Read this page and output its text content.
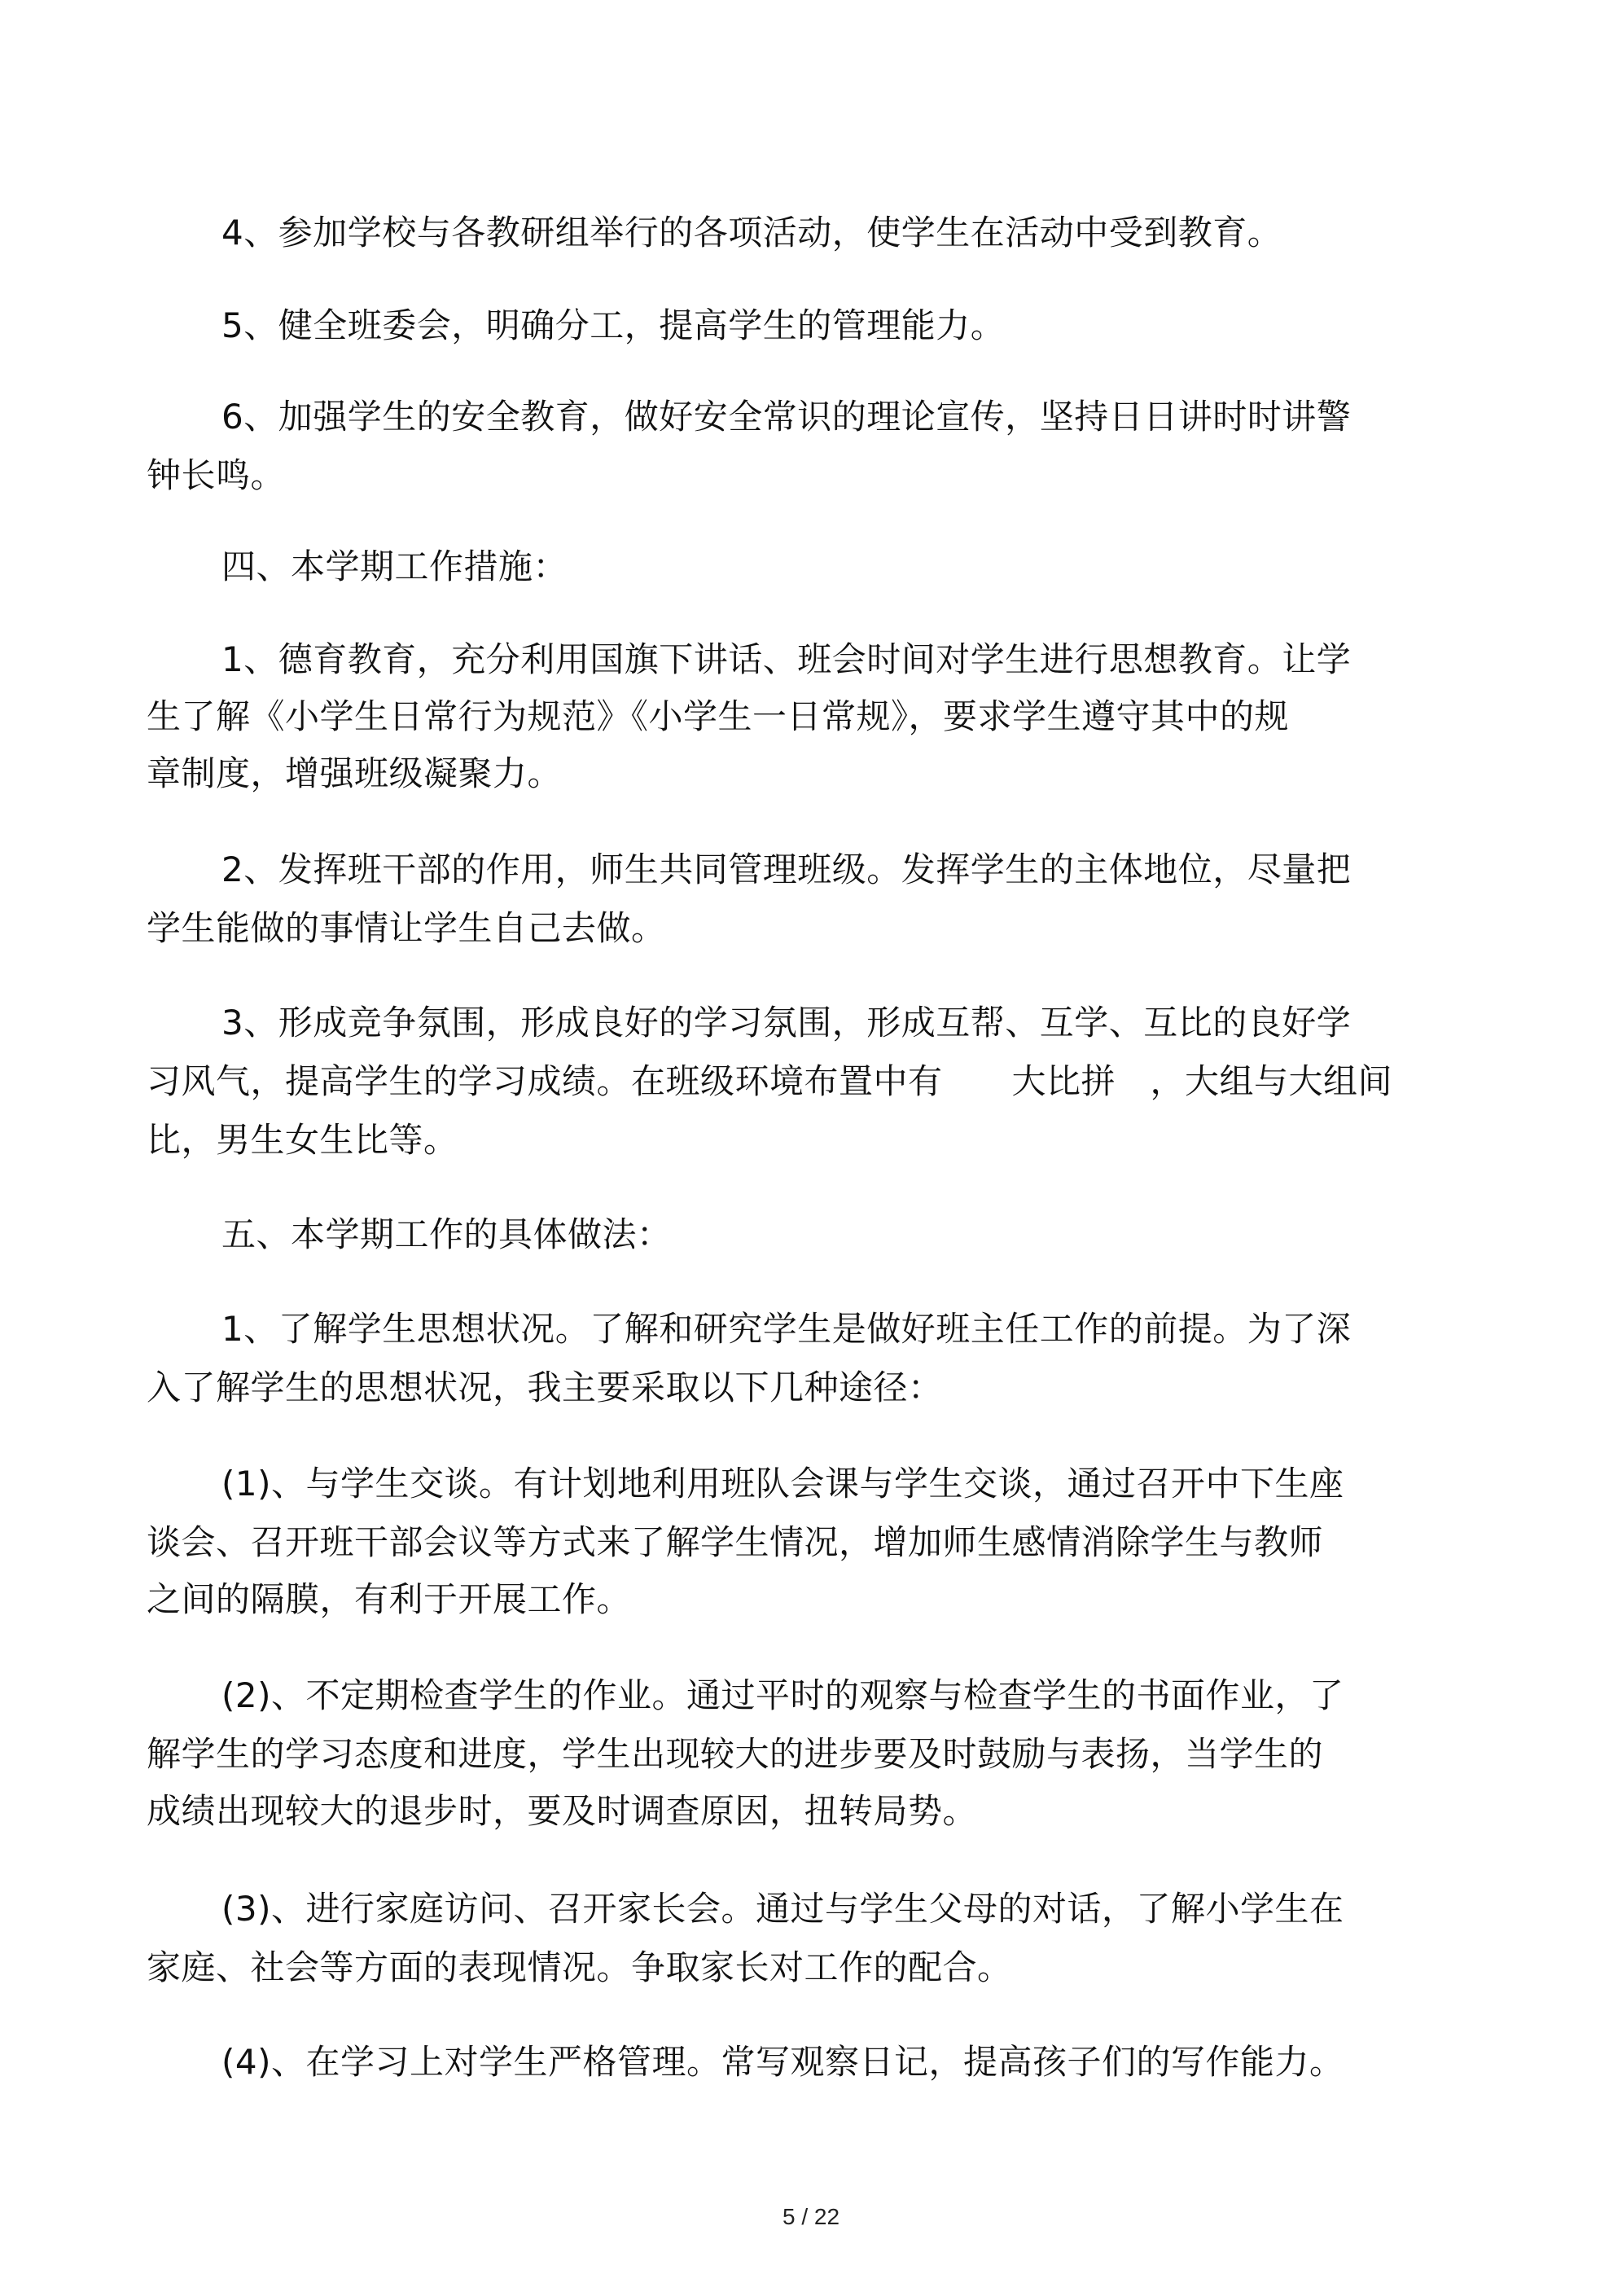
4、参加学校与各教研组举行的各项活动，使学生在活动中受到教育。
5、健全班委会，明确分工，提高学生的管理能力。
6、加强学生的安全教育，做好安全常识的理论宣传，坚持日日讲时时讲警
钟长鸣。
四、本学期工作措施：
1、德育教育，充分利用国旗下讲话、班会时间对学生进行思想教育。让学
生了解《小学生日常行为规范》《小学生一日常规》，要求学生遵守其中的规
章制度，增强班级凝聚力。
2、发挥班干部的作用，师生共同管理班级。发挥学生的主体地位，尽量把
学生能做的事情让学生自己去做。
3、形成竞争氛围，形成良好的学习氛围，形成互帮、互学、互比的良好学
习风气，提高学生的学习成绩。在班级环境布置中有　　大比拼　，大组与大组间
比，男生女生比等。
五、本学期工作的具体做法：
1、了解学生思想状况。了解和研究学生是做好班主任工作的前提。为了深
入了解学生的思想状况，我主要采取以下几种途径：
(1)、与学生交谈。有计划地利用班队会课与学生交谈，通过召开中下生座
谈会、召开班干部会议等方式来了解学生情况，增加师生感情消除学生与教师
之间的隔膜，有利于开展工作。
(2)、不定期检查学生的作业。通过平时的观察与检查学生的书面作业，了
解学生的学习态度和进度，学生出现较大的进步要及时鼓励与表扬，当学生的
成绩出现较大的退步时，要及时调查原因，扭转局势。
(3)、进行家庭访问、召开家长会。通过与学生父母的对话，了解小学生在
家庭、社会等方面的表现情况。争取家长对工作的配合。
(4)、在学习上对学生严格管理。常写观察日记，提高孩子们的写作能力。
5 / 22
